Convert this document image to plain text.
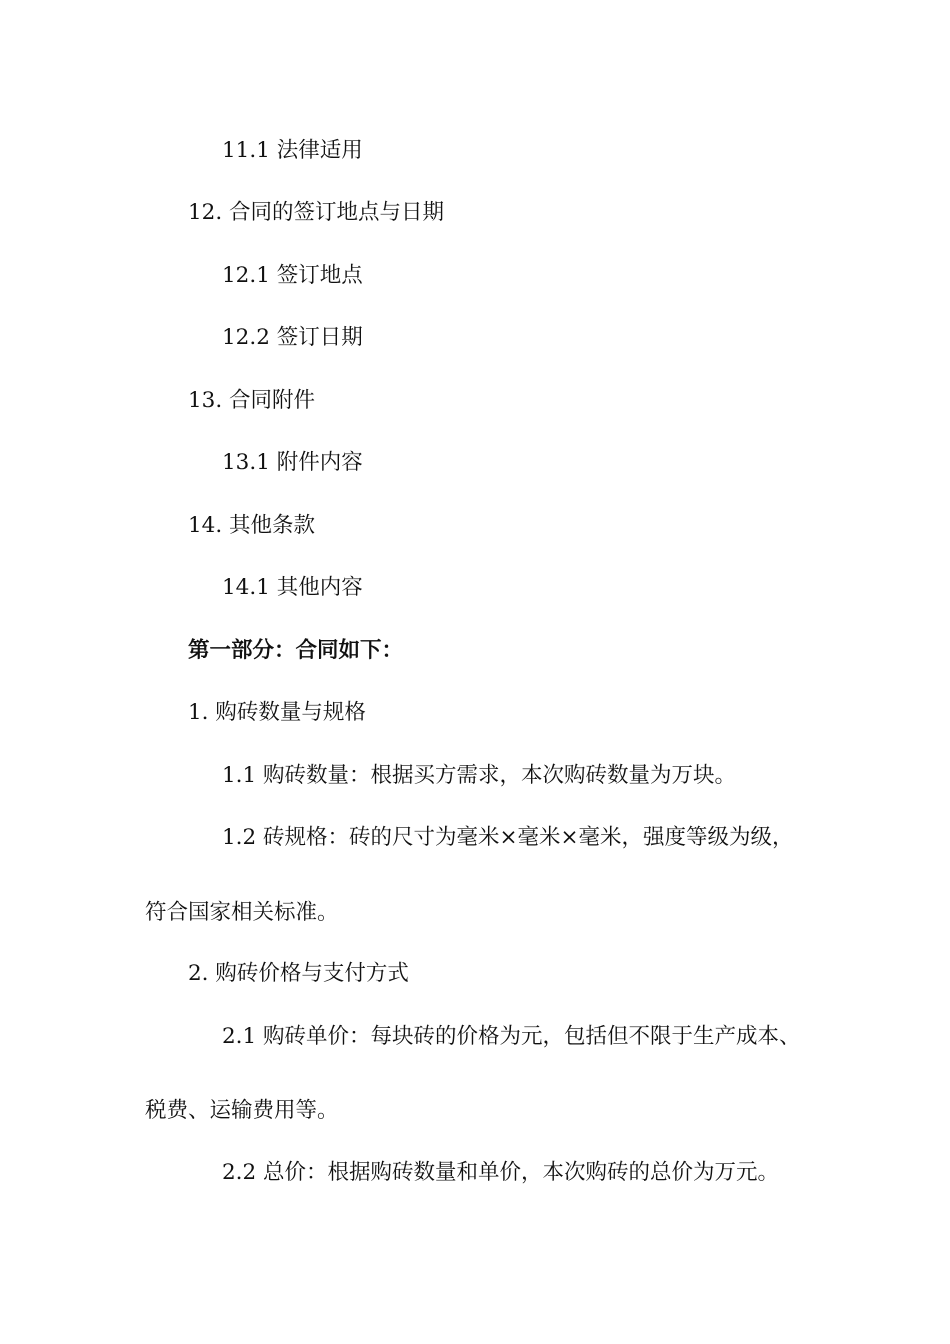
11.1 法律适用
12. 合同的签订地点与日期
12.1 签订地点
12.2 签订日期
13. 合同附件
13.1 附件内容
14. 其他条款
14.1 其他内容
第一部分：合同如下：
1. 购砖数量与规格
1.1 购砖数量：根据买方需求，本次购砖数量为万块。
1.2 砖规格：砖的尺寸为毫米×毫米×毫米，强度等级为级，
符合国家相关标准。
2. 购砖价格与支付方式
2.1 购砖单价：每块砖的价格为元，包括但不限于生产成本、
税费、运输费用等。
2.2 总价：根据购砖数量和单价，本次购砖的总价为万元。
